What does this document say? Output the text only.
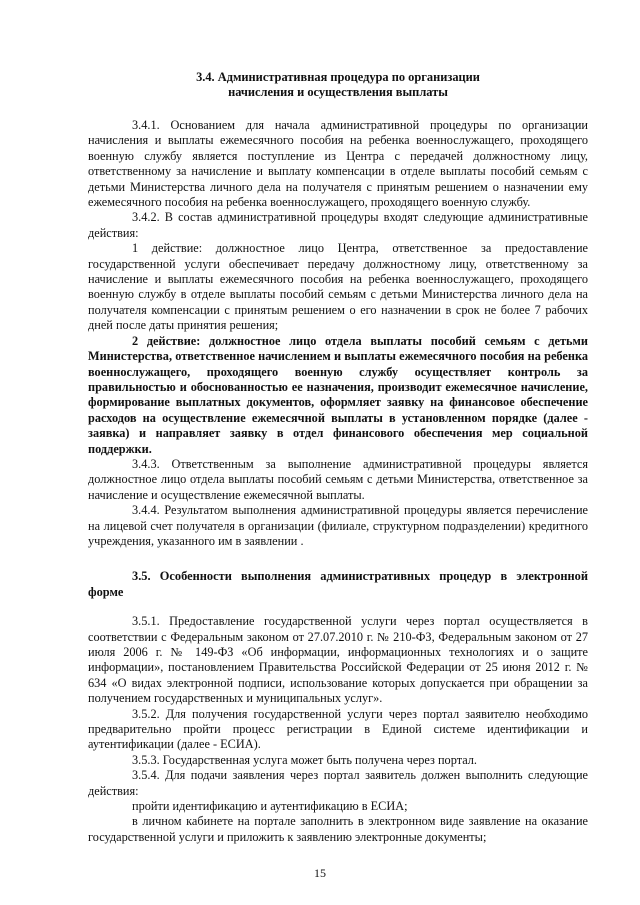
3.4. Административная процедура по организации
начисления и осуществления выплаты

3.4.1. Основанием для начала административной процедуры по организации начисления и выплаты ежемесячного пособия на ребенка военнослужащего, проходящего военную службу является поступление из Центра с передачей должностному лицу, ответственному за начисление и выплату компенсации в отделе выплаты пособий семьям с детьми Министерства личного дела на получателя с принятым решением о назначении ему ежемесячного пособия на ребенка военнослужащего, проходящего военную службу.

3.4.2. В состав административной процедуры входят следующие административные действия:

1 действие: должностное лицо Центра, ответственное за предоставление государственной услуги обеспечивает передачу должностному лицу, ответственному за начисление и выплаты ежемесячного пособия на ребенка военнослужащего, проходящего военную службу в отделе выплаты пособий семьям с детьми Министерства личного дела на получателя компенсации с принятым решением о его назначении в срок не более 7 рабочих дней после даты принятия решения;

2 действие: должностное лицо отдела выплаты пособий семьям с детьми Министерства, ответственное начислением и выплаты ежемесячного пособия на ребенка военнослужащего, проходящего военную службу осуществляет контроль за правильностью и обоснованностью ее назначения, производит ежемесячное начисление, формирование выплатных документов, оформляет заявку на финансовое обеспечение расходов на осуществление ежемесячной выплаты в установленном порядке (далее - заявка) и направляет заявку в отдел финансового обеспечения мер социальной поддержки.

3.4.3. Ответственным за выполнение административной процедуры является должностное лицо отдела выплаты пособий семьям с детьми Министерства, ответственное за начисление и осуществление ежемесячной выплаты.

3.4.4. Результатом выполнения административной процедуры является перечисление на лицевой счет получателя в организации (филиале, структурном подразделении) кредитного учреждения, указанного им в заявлении .

3.5. Особенности выполнения административных процедур в электронной форме

3.5.1. Предоставление государственной услуги через портал осуществляется в соответствии с Федеральным законом от 27.07.2010 г. № 210-ФЗ, Федеральным законом от 27 июля 2006 г. № 149-ФЗ «Об информации, информационных технологиях и о защите информации», постановлением Правительства Российской Федерации от 25 июня 2012 г. № 634 «О видах электронной подписи, использование которых допускается при обращении за получением государственных и муниципальных услуг».

3.5.2. Для получения государственной услуги через портал заявителю необходимо предварительно пройти процесс регистрации в Единой системе идентификации и аутентификации (далее - ЕСИА).

3.5.3. Государственная услуга может быть получена через портал.

3.5.4. Для подачи заявления через портал заявитель должен выполнить следующие действия:

пройти идентификацию и аутентификацию в ЕСИА;

в личном кабинете на портале заполнить в электронном виде заявление на оказание государственной услуги и приложить к заявлению электронные документы;

15
